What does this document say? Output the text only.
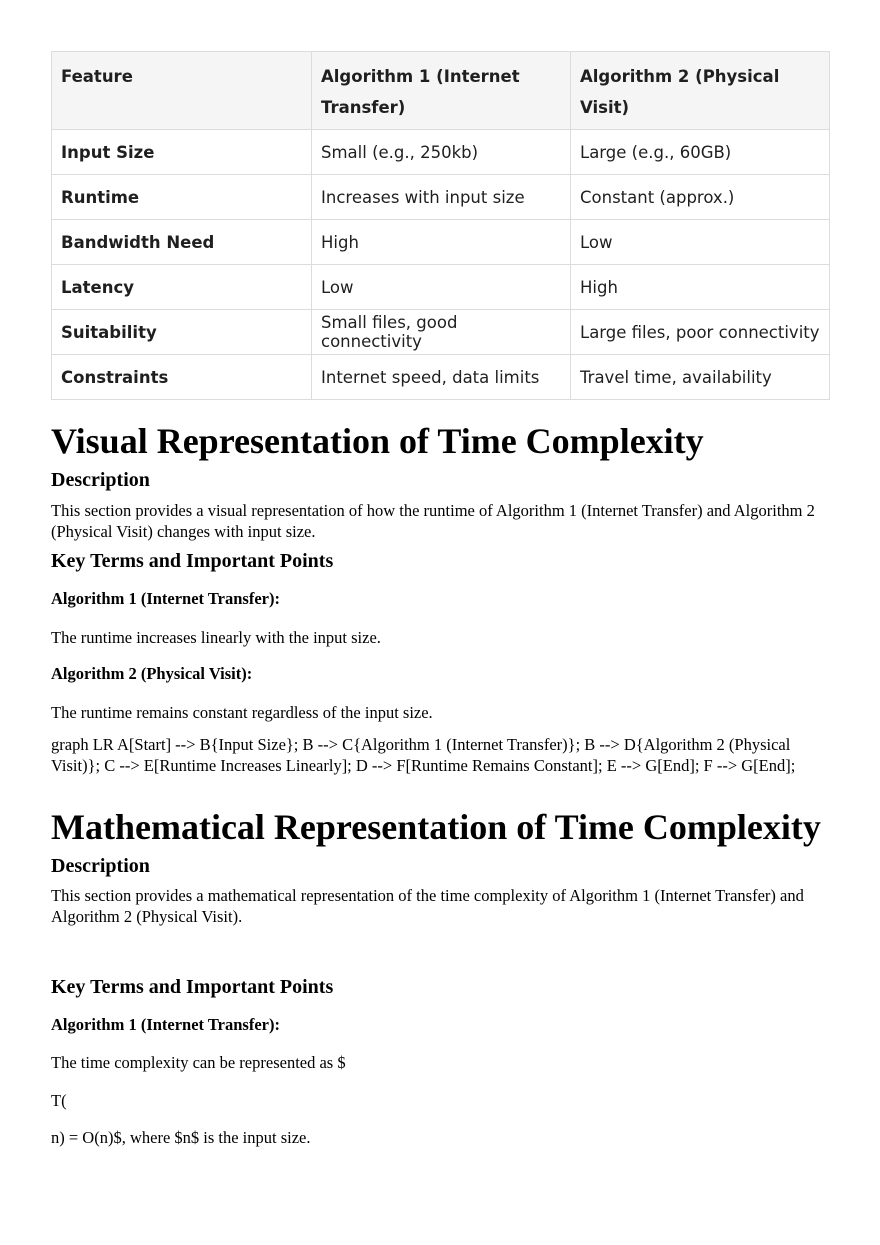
Feature	Algorithm 1 (Internet Transfer)	Algorithm 2 (Physical Visit)
Input Size	Small (e.g., 250kb)	Large (e.g., 60GB)
Runtime	Increases with input size	Constant (approx.)
Bandwidth Need	High	Low
Latency	Low	High
Suitability	Small files, good connectivity	Large files, poor connectivity
Constraints	Internet speed, data limits	Travel time, availability
Visual Representation of Time Complexity
Description

This section provides a visual representation of how the runtime of Algorithm 1 (Internet Transfer) and Algorithm 2 (Physical Visit) changes with input size.

Key Terms and Important Points
Algorithm 1 (Internet Transfer):

The runtime increases linearly with the input size.

Algorithm 2 (Physical Visit):

The runtime remains constant regardless of the input size.

graph LR A[Start] --> B{Input Size}; B --> C{Algorithm 1 (Internet Transfer)}; B --> D{Algorithm 2 (Physical Visit)}; C --> E[Runtime Increases Linearly]; D --> F[Runtime Remains Constant]; E --> G[End]; F --> G[End];

Mathematical Representation of Time Complexity
Description

This section provides a mathematical representation of the time complexity of Algorithm 1 (Internet Transfer) and Algorithm 2 (Physical Visit).

Key Terms and Important Points
Algorithm 1 (Internet Transfer):

The time complexity can be represented as $

T(

n) = O(n)$, where $n$ is the input size.
